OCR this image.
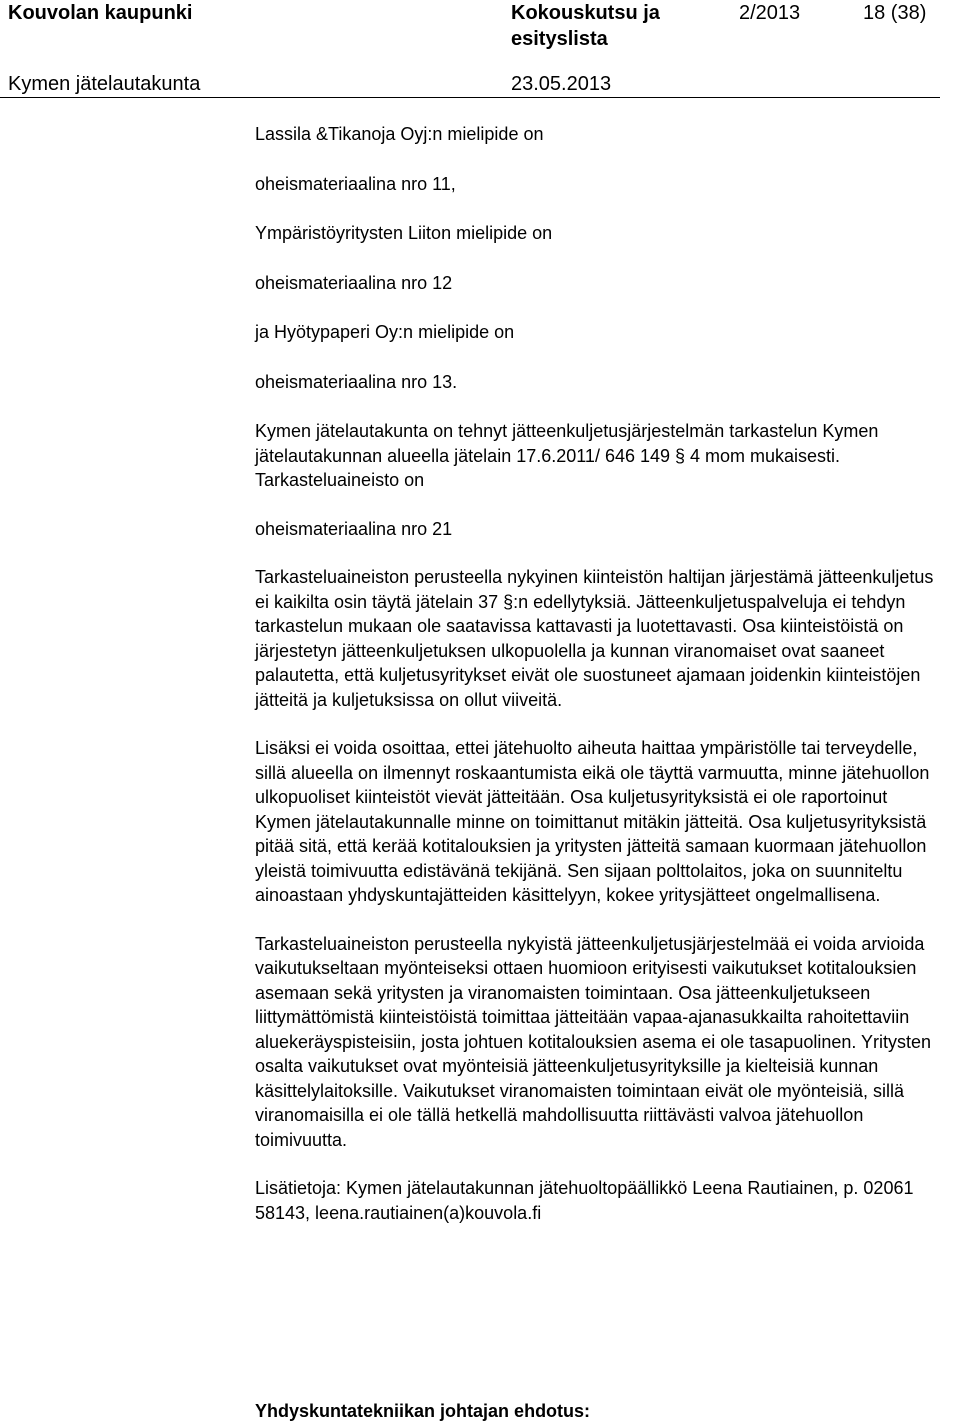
Kouvolan kaupunki	Kokouskutsu ja esityslista
2/2013	18 (38)
Kymen jätelautakunta	23.05.2013
Lassila &Tikanoja Oyj:n mielipide on
oheismateriaalina nro 11,
Ympäristöyritysten Liiton mielipide on
oheismateriaalina nro 12
ja Hyötypaperi Oy:n mielipide on
oheismateriaalina nro 13.

Kymen jätelautakunta on tehnyt jätteenkuljetusjärjestelmän tarkastelun Kymen jätelautakunnan alueella jätelain 17.6.2011/ 646 149 § 4 mom mukaisesti. Tarkasteluaineisto on

oheismateriaalina nro 21

Tarkasteluaineiston perusteella nykyinen kiinteistön haltijan järjestämä jätteenkuljetus ei kaikilta osin täytä jätelain 37 §:n edellytyksiä. Jätteenkuljetuspalveluja ei tehdyn tarkastelun mukaan ole saatavissa kattavasti ja luotettavasti. Osa kiinteistöistä on järjestetyn jätteenkuljetuksen ulkopuolella ja kunnan viranomaiset ovat saaneet palautetta, että kuljetusyritykset eivät ole suostuneet ajamaan joidenkin kiinteistöjen jätteitä ja kuljetuksissa on ollut viiveitä.

Lisäksi ei voida osoittaa, ettei jätehuolto aiheuta haittaa ympäristölle tai terveydelle, sillä alueella on ilmennyt roskaantumista eikä ole täyttä varmuutta, minne jätehuollon ulkopuoliset kiinteistöt vievät jätteitään. Osa kuljetusyrityksistä ei ole raportoinut Kymen jätelautakunnalle minne on toimittanut mitäkin jätteitä. Osa kuljetusyrityksistä pitää sitä, että kerää kotitalouksien ja yritysten jätteitä samaan kuormaan jätehuollon yleistä toimivuutta edistävänä tekijänä. Sen sijaan polttolaitos, joka on suunniteltu ainoastaan yhdyskuntajätteiden käsittelyyn, kokee yritysjätteet ongelmallisena.

Tarkasteluaineiston perusteella nykyistä jätteenkuljetusjärjestelmää ei voida arvioida vaikutukseltaan myönteiseksi ottaen huomioon erityisesti vaikutukset kotitalouksien asemaan sekä yritysten ja viranomaisten toimintaan. Osa jätteenkuljetukseen liittymättömistä kiinteistöistä toimittaa jätteitään vapaa-ajanasukkailta rahoitettaviin aluekeräyspisteisiin, josta johtuen kotitalouksien asema ei ole tasapuolinen. Yritysten osalta vaikutukset ovat myönteisiä jätteenkuljetusyrityksille ja kielteisiä kunnan käsittelylaitoksille. Vaikutukset viranomaisten toimintaan eivät ole myönteisiä, sillä viranomaisilla ei ole tällä hetkellä mahdollisuutta riittävästi valvoa jätehuollon toimivuutta.

Lisätietoja: Kymen jätelautakunnan jätehuoltopäällikkö Leena Rautiainen, p. 02061 58143, leena.rautiainen(a)kouvola.fi

Yhdyskuntatekniikan johtajan ehdotus:
